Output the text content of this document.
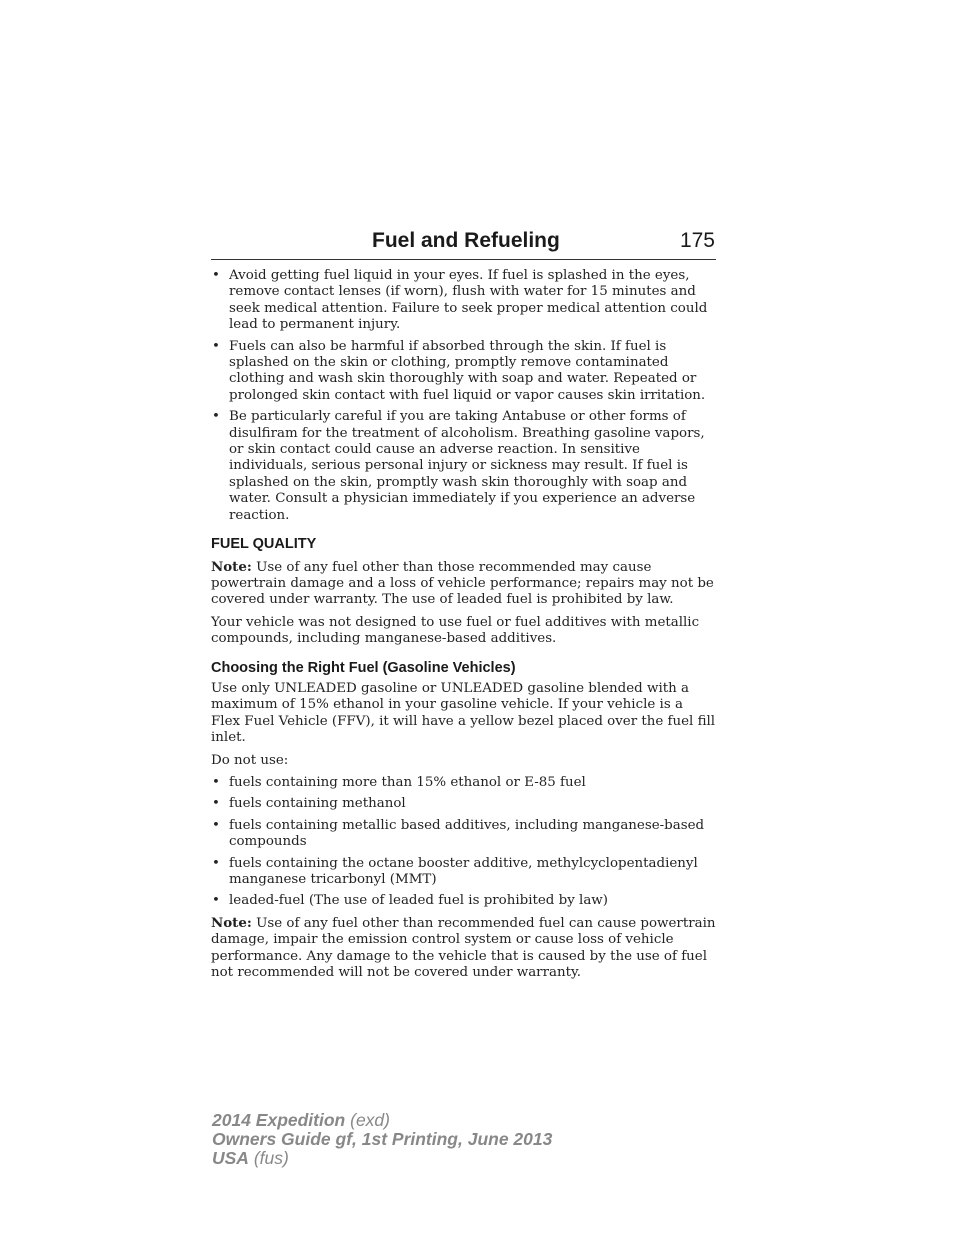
Fuel and Refueling	175
• Avoid getting fuel liquid in your eyes. If fuel is splashed in the eyes, remove contact lenses (if worn), flush with water for 15 minutes and seek medical attention. Failure to seek proper medical attention could lead to permanent injury.
• Fuels can also be harmful if absorbed through the skin. If fuel is splashed on the skin or clothing, promptly remove contaminated clothing and wash skin thoroughly with soap and water. Repeated or prolonged skin contact with fuel liquid or vapor causes skin irritation.
• Be particularly careful if you are taking Antabuse or other forms of disulfiram for the treatment of alcoholism. Breathing gasoline vapors, or skin contact could cause an adverse reaction. In sensitive individuals, serious personal injury or sickness may result. If fuel is splashed on the skin, promptly wash skin thoroughly with soap and water. Consult a physician immediately if you experience an adverse reaction.
FUEL QUALITY

Note: Use of any fuel other than those recommended may cause powertrain damage and a loss of vehicle performance; repairs may not be covered under warranty. The use of leaded fuel is prohibited by law.

Your vehicle was not designed to use fuel or fuel additives with metallic compounds, including manganese-based additives.

Choosing the Right Fuel (Gasoline Vehicles)

Use only UNLEADED gasoline or UNLEADED gasoline blended with a maximum of 15% ethanol in your gasoline vehicle. If your vehicle is a Flex Fuel Vehicle (FFV), it will have a yellow bezel placed over the fuel fill inlet.

Do not use:

• fuels containing more than 15% ethanol or E-85 fuel
• fuels containing methanol
• fuels containing metallic based additives, including manganese-based compounds
• fuels containing the octane booster additive, methylcyclopentadienyl manganese tricarbonyl (MMT)
• leaded-fuel (The use of leaded fuel is prohibited by law)

Note: Use of any fuel other than recommended fuel can cause powertrain damage, impair the emission control system or cause loss of vehicle performance. Any damage to the vehicle that is caused by the use of fuel not recommended will not be covered under warranty.

2014 Expedition (exd)
Owners Guide gf, 1st Printing, June 2013
USA (fus)
